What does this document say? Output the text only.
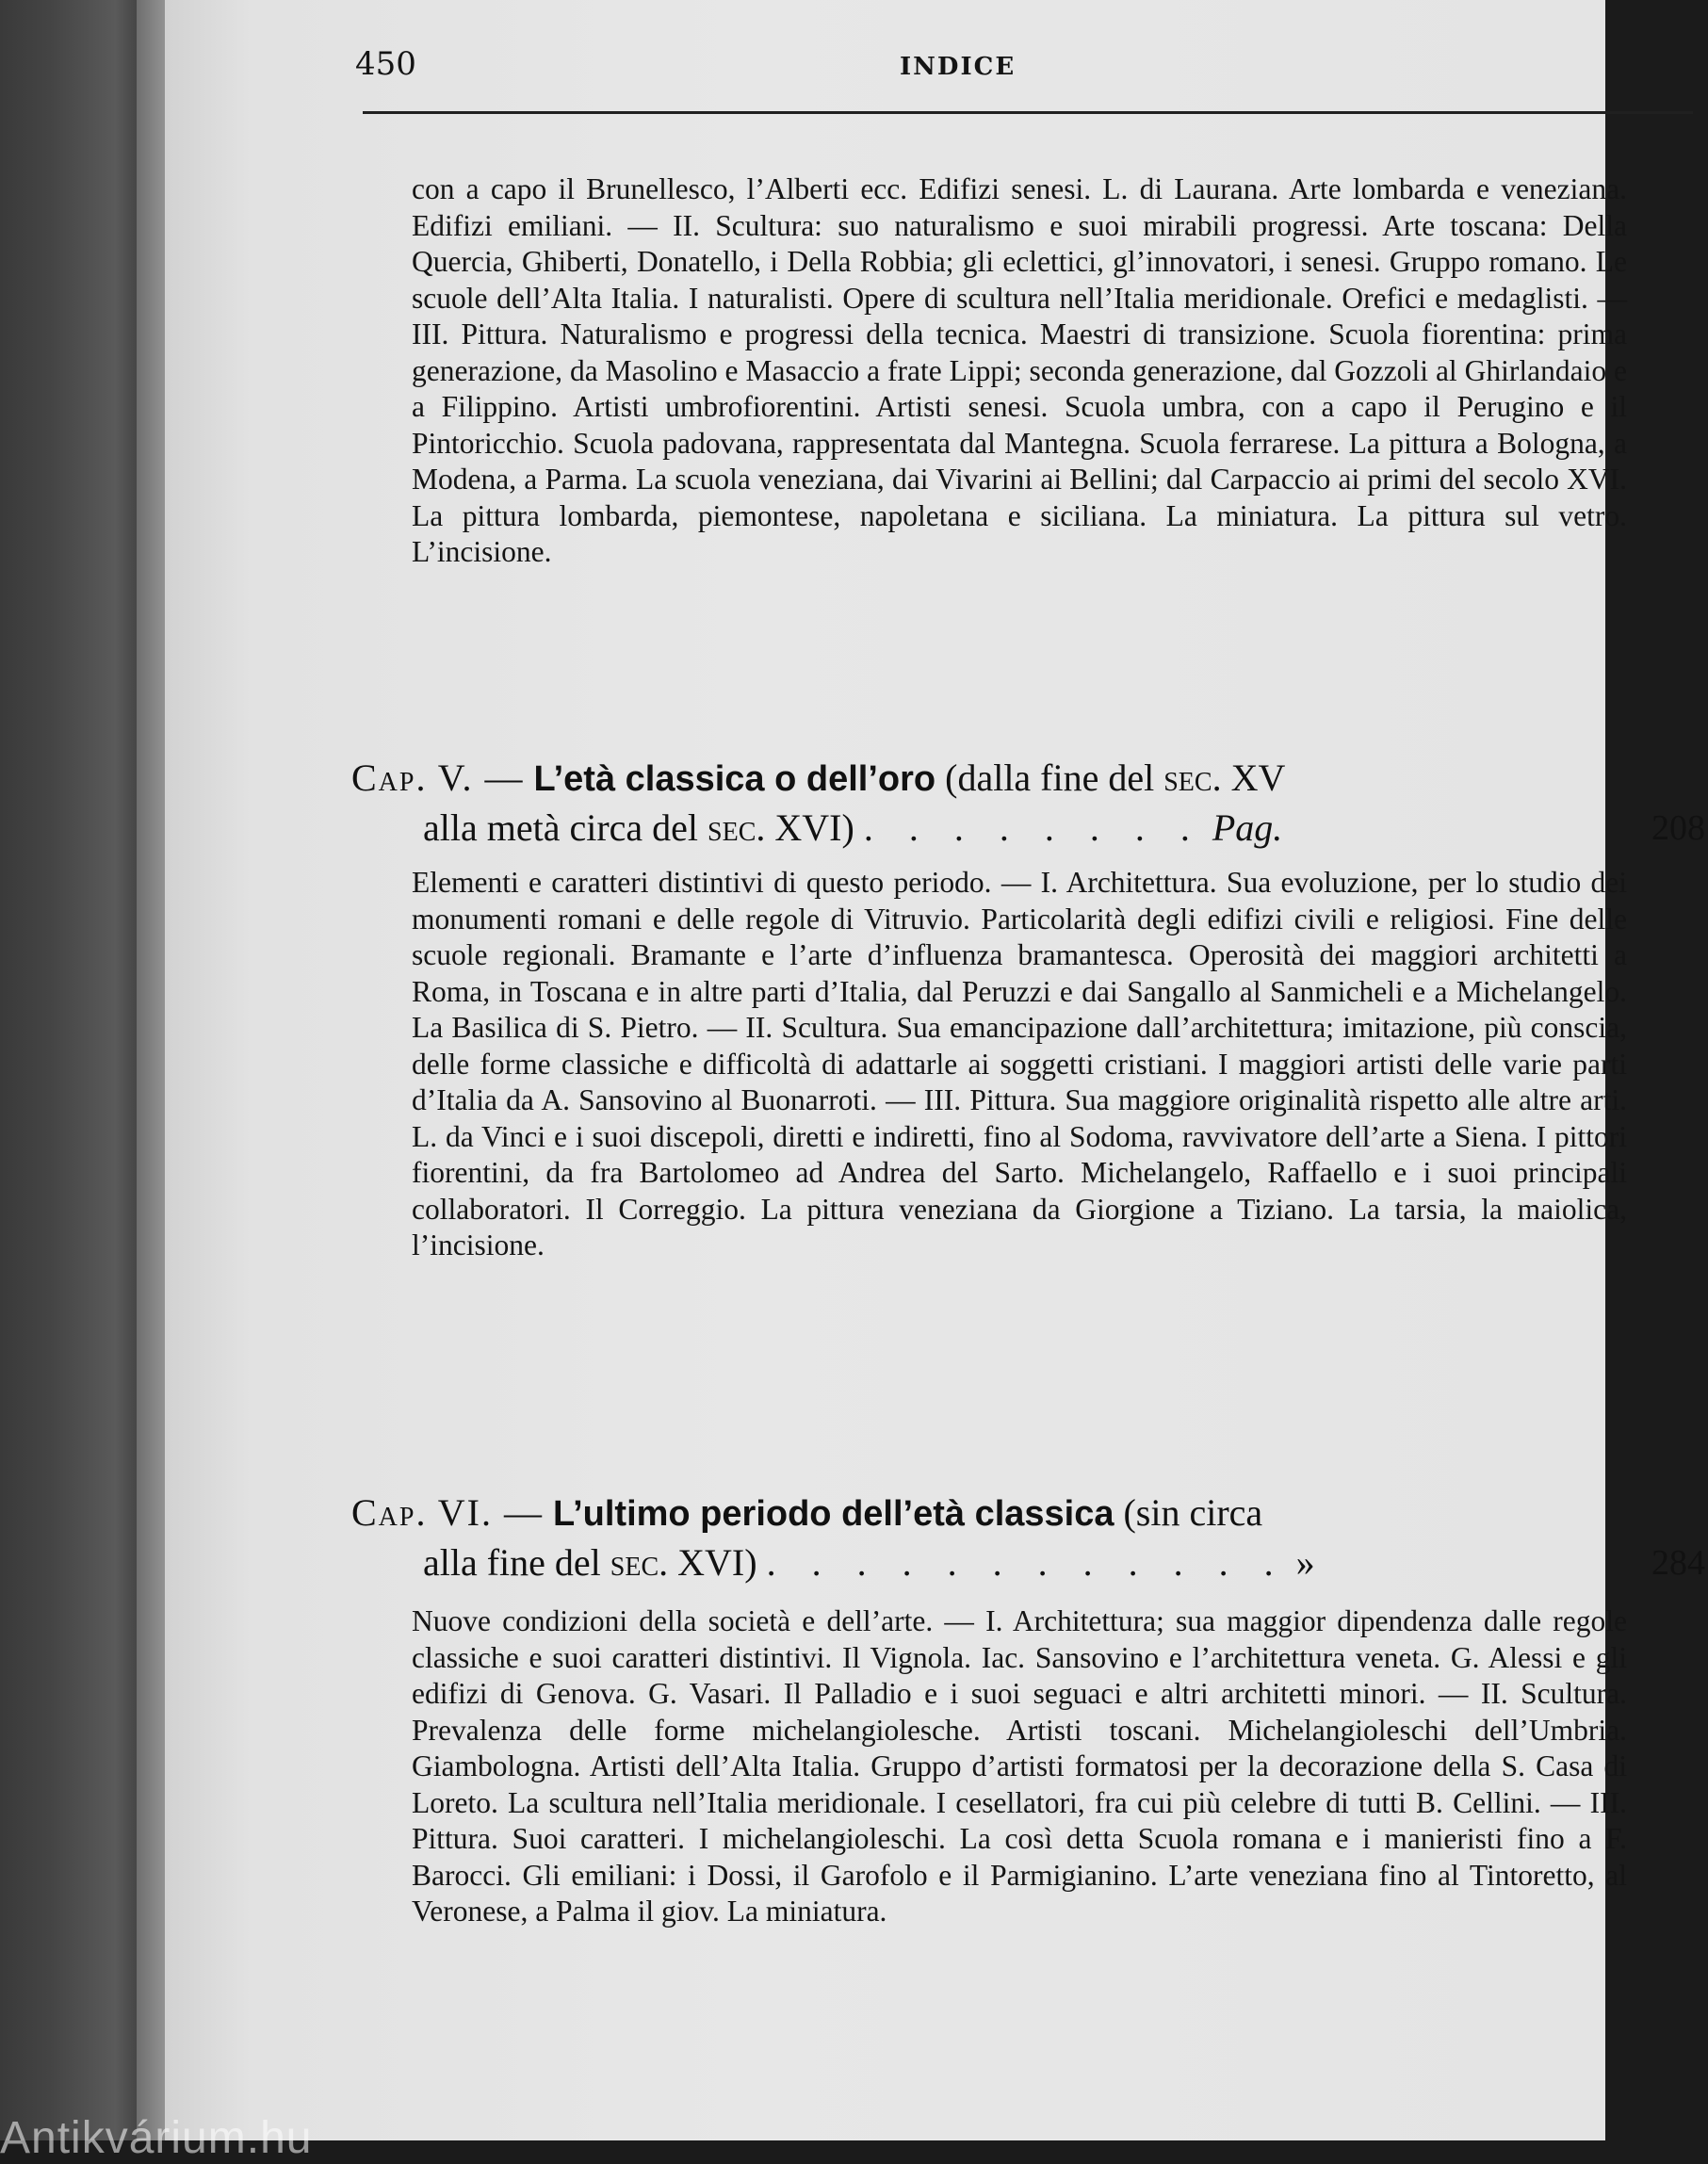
450	INDICE

con a capo il Brunellesco, l’Alberti ecc. Edifizi senesi. L. di Laurana. Arte lombarda e veneziana. Edifizi emiliani. — II. Scultura: suo naturalismo e suoi mirabili progressi. Arte toscana: Della Quercia, Ghiberti, Donatello, i Della Robbia; gli eclettici, gl’innovatori, i senesi. Gruppo romano. Le scuole dell’Alta Italia. I naturalisti. Opere di scultura nell’Italia meridionale. Orefici e medaglisti. — III. Pittura. Naturalismo e progressi della tecnica. Maestri di transizione. Scuola fiorentina: prima generazione, da Masolino e Masaccio a frate Lippi; seconda generazione, dal Gozzoli al Ghirlandaio e a Filippino. Artisti umbrofiorentini. Artisti senesi. Scuola umbra, con a capo il Perugino e il Pintoricchio. Scuola padovana, rappresentata dal Mantegna. Scuola ferrarese. La pittura a Bologna, a Modena, a Parma. La scuola veneziana, dai Vivarini ai Bellini; dal Carpaccio ai primi del secolo XVI. La pittura lombarda, piemontese, napoletana e siciliana. La miniatura. La pittura sul vetro. L’incisione.

Cap. V. — L’età classica o dell’oro (dalla fine del sec. XV
alla metà circa del sec. XVI) . . . . . . . . Pag.	208

Elementi e caratteri distintivi di questo periodo. — I. Architettura. Sua evoluzione, per lo studio dei monumenti romani e delle regole di Vitruvio. Particolarità degli edifizi civili e religiosi. Fine delle scuole regionali. Bramante e l’arte d’influenza bramantesca. Operosità dei maggiori architetti a Roma, in Toscana e in altre parti d’Italia, dal Peruzzi e dai Sangallo al Sanmicheli e a Michelangelo. La Basilica di S. Pietro. — II. Scultura. Sua emancipazione dall’architettura; imitazione, più conscia, delle forme classiche e difficoltà di adattarle ai soggetti cristiani. I maggiori artisti delle varie parti d’Italia da A. Sansovino al Buonarroti. — III. Pittura. Sua maggiore originalità rispetto alle altre arti. L. da Vinci e i suoi discepoli, diretti e indiretti, fino al Sodoma, ravvivatore dell’arte a Siena. I pittori fiorentini, da fra Bartolomeo ad Andrea del Sarto. Michelangelo, Raffaello e i suoi principali collaboratori. Il Correggio. La pittura veneziana da Giorgione a Tiziano. La tarsia, la maiolica, l’incisione.

Cap. VI. — L’ultimo periodo dell’età classica (sin circa
alla fine del sec. XVI) . . . . . . . . . . . . »	284

Nuove condizioni della società e dell’arte. — I. Architettura; sua maggior dipendenza dalle regole classiche e suoi caratteri distintivi. Il Vignola. Iac. Sansovino e l’architettura veneta. G. Alessi e gli edifizi di Genova. G. Vasari. Il Palladio e i suoi seguaci e altri architetti minori. — II. Scultura. Prevalenza delle forme michelangiolesche. Artisti toscani. Michelangioleschi dell’Umbria. Giambologna. Artisti dell’Alta Italia. Gruppo d’artisti formatosi per la decorazione della S. Casa di Loreto. La scultura nell’Italia meridionale. I cesellatori, fra cui più celebre di tutti B. Cellini. — III. Pittura. Suoi caratteri. I michelangioleschi. La così detta Scuola romana e i manieristi fino a F. Barocci. Gli emiliani: i Dossi, il Garofolo e il Parmigianino. L’arte veneziana fino al Tintoretto, al Veronese, a Palma il giov. La miniatura.

Antikvárium.hu
